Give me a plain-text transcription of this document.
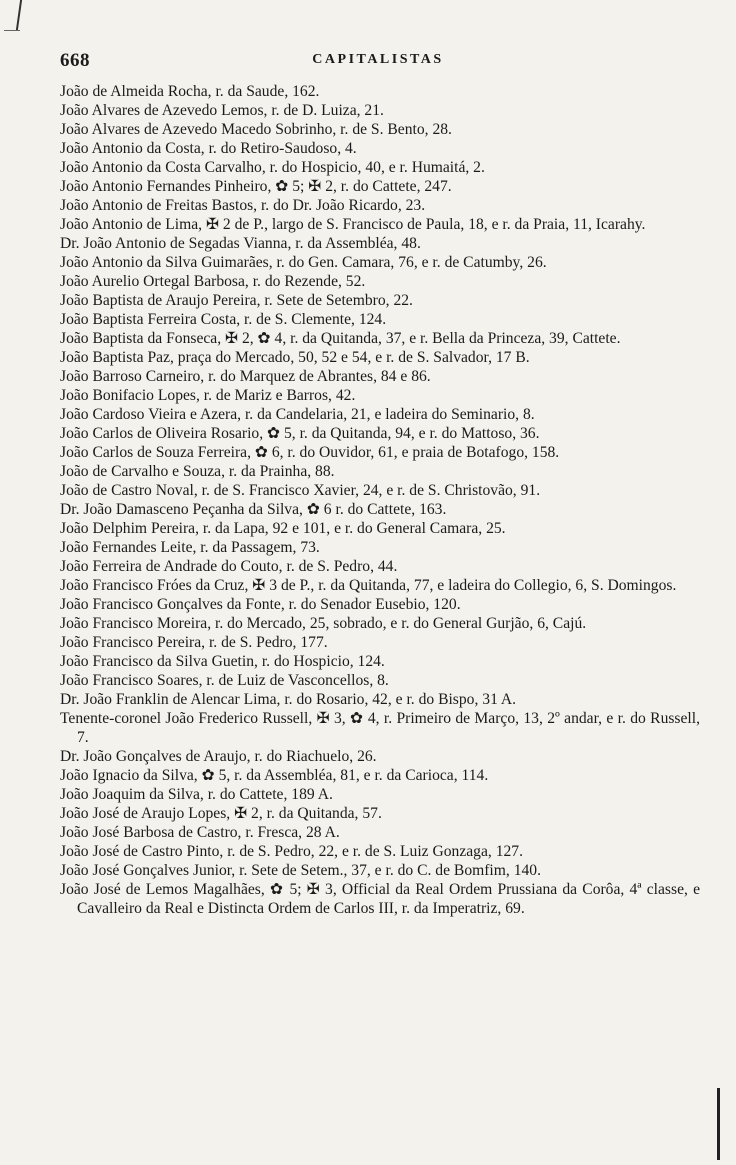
668	CAPITALISTAS
João de Almeida Rocha, r. da Saude, 162.
João Alvares de Azevedo Lemos, r. de D. Luiza, 21.
João Alvares de Azevedo Macedo Sobrinho, r. de S. Bento, 28.
João Antonio da Costa, r. do Retiro-Saudoso, 4.
João Antonio da Costa Carvalho, r. do Hospicio, 40, e r. Humaitá, 2.
João Antonio Fernandes Pinheiro, ✿ 5; ✠ 2, r. do Cattete, 247.
João Antonio de Freitas Bastos, r. do Dr. João Ricardo, 23.
João Antonio de Lima, ✠ 2 de P., largo de S. Francisco de Paula, 18, e r. da Praia, 11, Icarahy.
Dr. João Antonio de Segadas Vianna, r. da Assembléa, 48.
João Antonio da Silva Guimarães, r. do Gen. Camara, 76, e r. de Catumby, 26.
João Aurelio Ortegal Barbosa, r. do Rezende, 52.
João Baptista de Araujo Pereira, r. Sete de Setembro, 22.
João Baptista Ferreira Costa, r. de S. Clemente, 124.
João Baptista da Fonseca, ✠ 2, ✿ 4, r. da Quitanda, 37, e r. Bella da Princeza, 39, Cattete.
João Baptista Paz, praça do Mercado, 50, 52 e 54, e r. de S. Salvador, 17 B.
João Barroso Carneiro, r. do Marquez de Abrantes, 84 e 86.
João Bonifacio Lopes, r. de Mariz e Barros, 42.
João Cardoso Vieira e Azera, r. da Candelaria, 21, e ladeira do Seminario, 8.
João Carlos de Oliveira Rosario, ✿ 5, r. da Quitanda, 94, e r. do Mattoso, 36.
João Carlos de Souza Ferreira, ✿ 6, r. do Ouvidor, 61, e praia de Botafogo, 158.
João de Carvalho e Souza, r. da Prainha, 88.
João de Castro Noval, r. de S. Francisco Xavier, 24, e r. de S. Christovão, 91.
Dr. João Damasceno Peçanha da Silva, ✿ 6 r. do Cattete, 163.
João Delphim Pereira, r. da Lapa, 92 e 101, e r. do General Camara, 25.
João Fernandes Leite, r. da Passagem, 73.
João Ferreira de Andrade do Couto, r. de S. Pedro, 44.
João Francisco Fróes da Cruz, ✠ 3 de P., r. da Quitanda, 77, e ladeira do Collegio, 6, S. Domingos.
João Francisco Gonçalves da Fonte, r. do Senador Eusebio, 120.
João Francisco Moreira, r. do Mercado, 25, sobrado, e r. do General Gurjão, 6, Cajú.
João Francisco Pereira, r. de S. Pedro, 177.
João Francisco da Silva Guetin, r. do Hospicio, 124.
João Francisco Soares, r. de Luiz de Vasconcellos, 8.
Dr. João Franklin de Alencar Lima, r. do Rosario, 42, e r. do Bispo, 31 A.
Tenente-coronel João Frederico Russell, ✠ 3, ✿ 4, r. Primeiro de Março, 13, 2º andar, e r. do Russell, 7.
Dr. João Gonçalves de Araujo, r. do Riachuelo, 26.
João Ignacio da Silva, ✿ 5, r. da Assembléa, 81, e r. da Carioca, 114.
João Joaquim da Silva, r. do Cattete, 189 A.
João José de Araujo Lopes, ✠ 2, r. da Quitanda, 57.
João José Barbosa de Castro, r. Fresca, 28 A.
João José de Castro Pinto, r. de S. Pedro, 22, e r. de S. Luiz Gonzaga, 127.
João José Gonçalves Junior, r. Sete de Setem., 37, e r. do C. de Bomfim, 140.
João José de Lemos Magalhães, ✿ 5; ✠ 3, Official da Real Ordem Prussiana da Corôa, 4ª classe, e Cavalleiro da Real e Distincta Ordem de Carlos III, r. da Imperatriz, 69.
